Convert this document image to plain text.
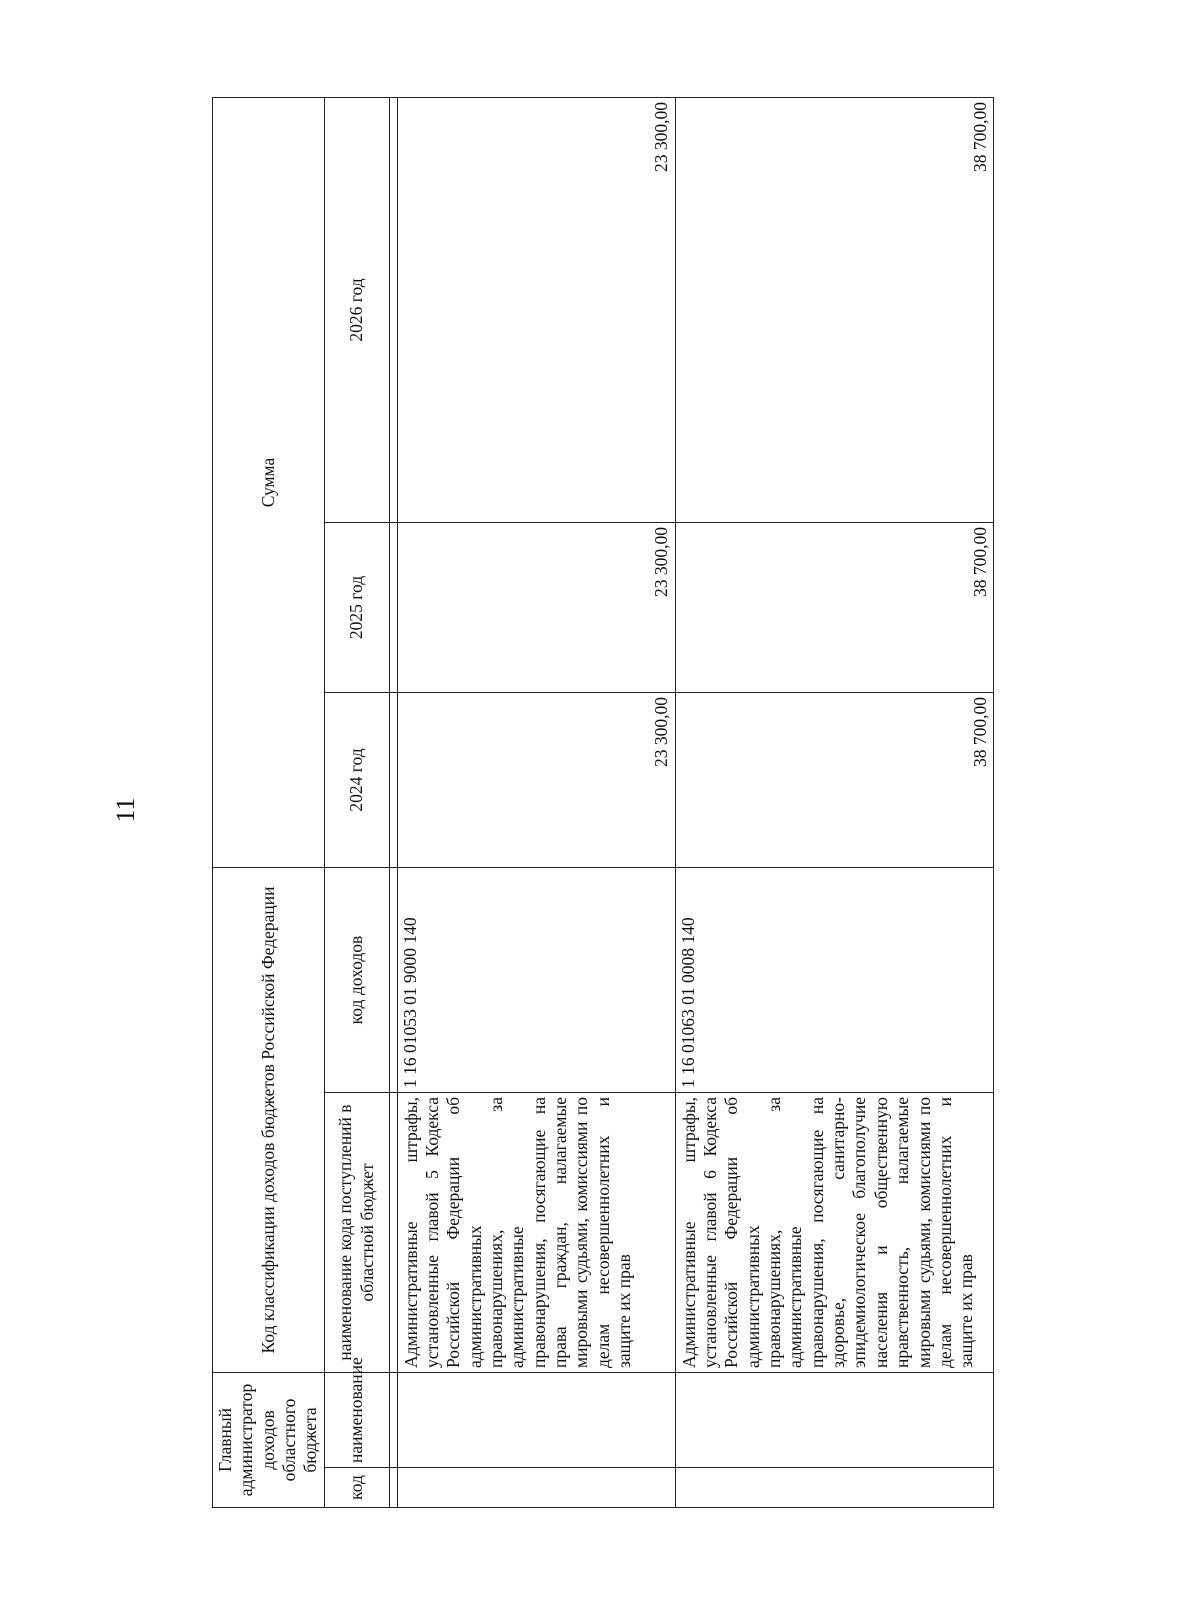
11
Главный администратор доходов областного бюджета		Код классификации доходов бюджетов Российской Федерации		Сумма		
код	наименование	наименование кода поступлений в областной бюджет	код доходов	2024 год	2025 год	2026 год

		Административные штрафы, установленные главой 5 Кодекса Российской Федерации об административных правонарушениях, за административные правонарушения, посягающие на права граждан, налагаемые мировыми судьями, комиссиями по делам несовершеннолетних и защите их прав	1 16 01053 01 9000 140	23 300,00	23 300,00	23 300,00
		Административные штрафы, установленные главой 6 Кодекса Российской Федерации об административных правонарушениях, за административные правонарушения, посягающие на здоровье, санитарно-эпидемиологическое благополучие населения и общественную нравственность, налагаемые мировыми судьями, комиссиями по делам несовершеннолетних и защите их прав	1 16 01063 01 0008 140	38 700,00	38 700,00	38 700,00
